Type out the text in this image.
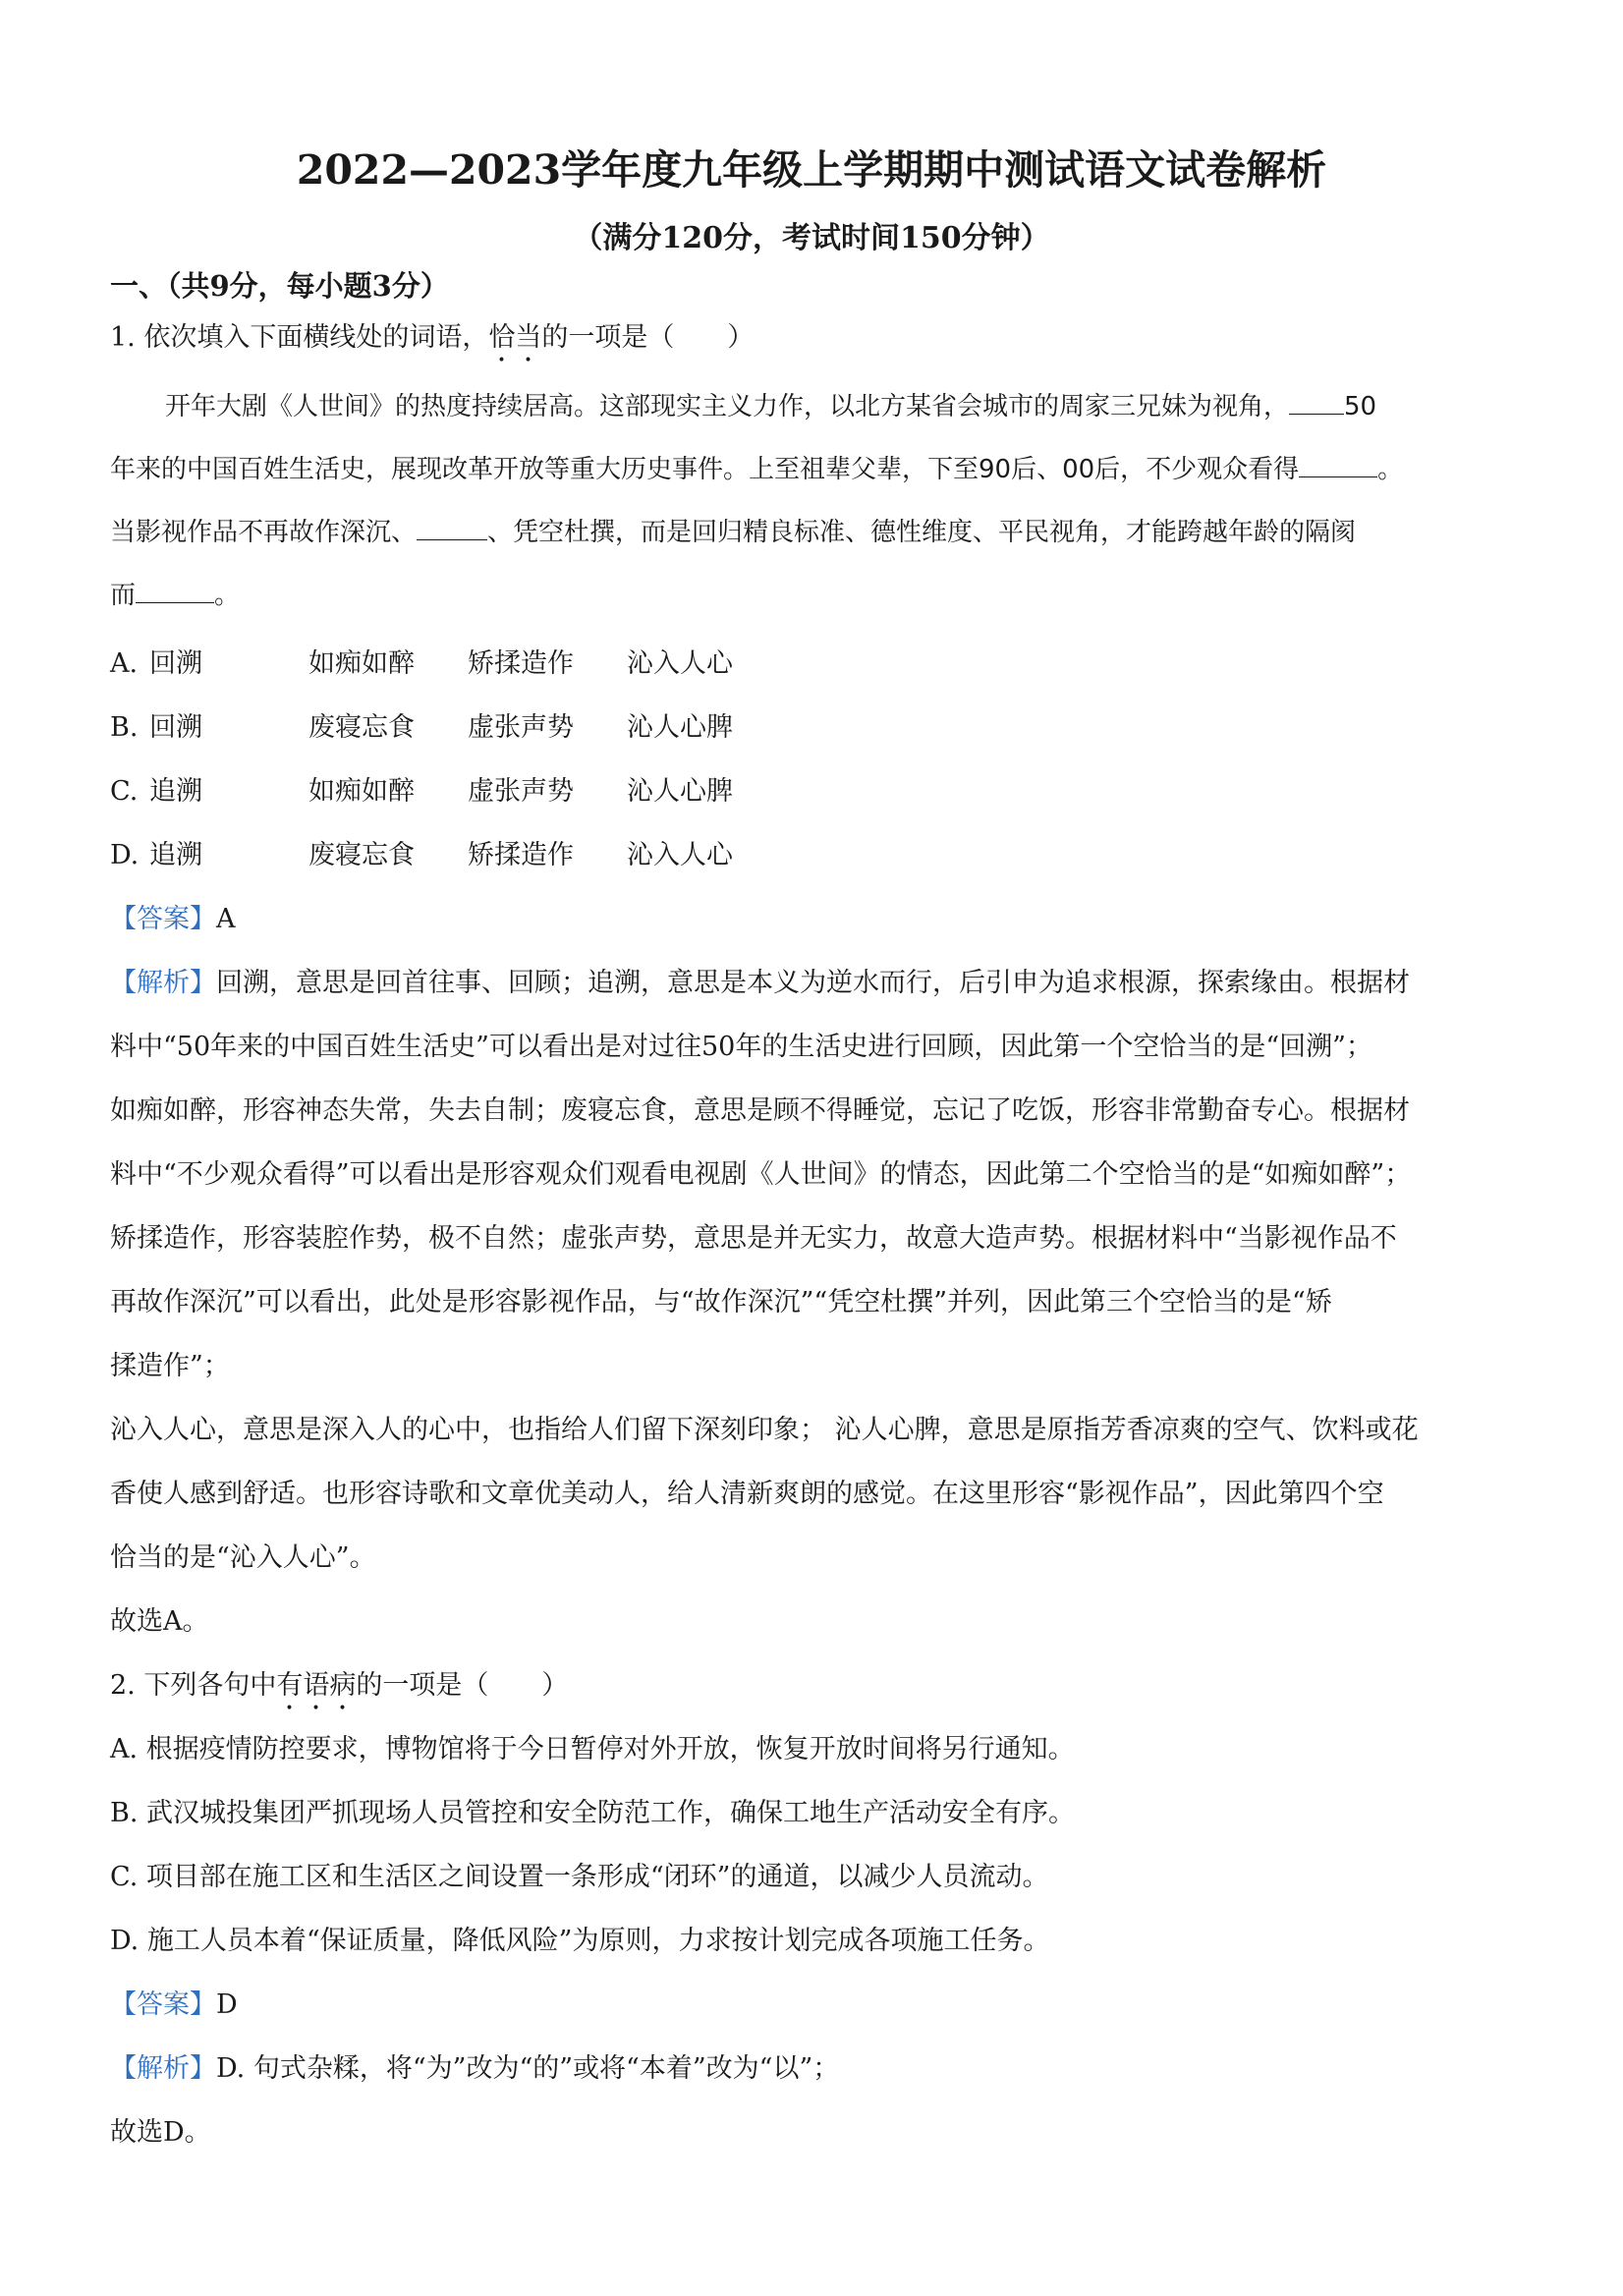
2022—2023学年度九年级上学期期中测试语文试卷解析
（满分120分，考试时间150分钟）
一、（共9分，每小题3分）
1. 依次填入下面横线处的词语，恰当的一项是（　　）
开年大剧《人世间》的热度持续居高。这部现实主义力作，以北方某省会城市的周家三兄妹为视角， 50
年来的中国百姓生活史，展现改革开放等重大历史事件。上至祖辈父辈，下至90后、00后，不少观众看得	。
当影视作品不再故作深沉、	、凭空杜撰，而是回归精良标准、德性维度、平民视角，才能跨越年龄的隔阂
而	。
A. 回溯	如痴如醉 矫揉造作 沁入人心
B. 回溯	废寝忘食 虚张声势 沁人心脾
C. 追溯	如痴如醉 虚张声势 沁人心脾
D. 追溯	废寝忘食 矫揉造作 沁入人心
【答案】A
【解析】回溯，意思是回首往事、回顾；追溯，意思是本义为逆水而行，后引申为追求根源，探索缘由。根据材
料中“50年来的中国百姓生活史”可以看出是对过往50年的生活史进行回顾，因此第一个空恰当的是“回溯”；
如痴如醉，形容神态失常，失去自制；废寝忘食，意思是顾不得睡觉，忘记了吃饭，形容非常勤奋专心。根据材
料中“不少观众看得”可以看出是形容观众们观看电视剧《人世间》的情态，因此第二个空恰当的是“如痴如醉”；
矫揉造作，形容装腔作势，极不自然；虚张声势，意思是并无实力，故意大造声势。根据材料中“当影视作品不
再故作深沉”可以看出，此处是形容影视作品，与“故作深沉”“凭空杜撰”并列，因此第三个空恰当的是“矫
揉造作”；
沁入人心，意思是深入人的心中，也指给人们留下深刻印象； 沁人心脾，意思是原指芳香凉爽的空气、饮料或花
香使人感到舒适。也形容诗歌和文章优美动人，给人清新爽朗的感觉。在这里形容“影视作品”，因此第四个空
恰当的是“沁入人心”。
故选A。
2. 下列各句中有语病的一项是（　　）
A. 根据疫情防控要求，博物馆将于今日暂停对外开放，恢复开放时间将另行通知。
B. 武汉城投集团严抓现场人员管控和安全防范工作，确保工地生产活动安全有序。
C. 项目部在施工区和生活区之间设置一条形成“闭环”的通道，以减少人员流动。
D. 施工人员本着“保证质量，降低风险”为原则，力求按计划完成各项施工任务。
【答案】D
【解析】D. 句式杂糅，将“为”改为“的”或将“本着”改为“以”；
故选D。
